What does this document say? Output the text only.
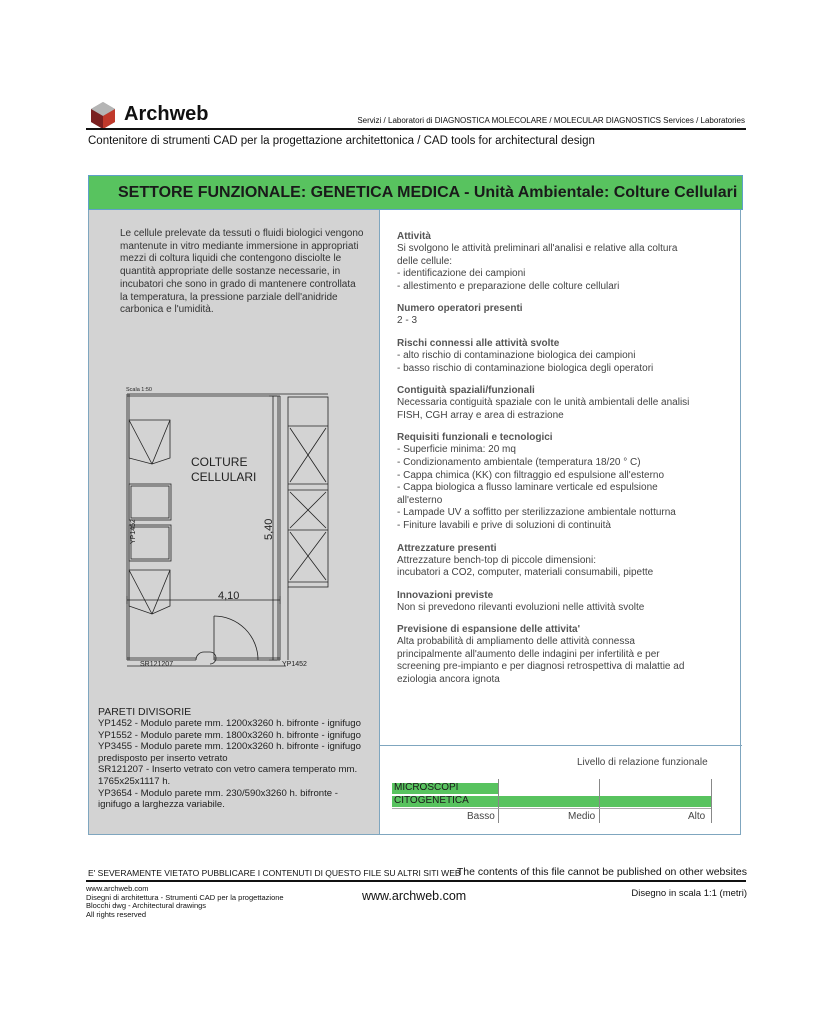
Archweb	Servizi / Laboratori di DIAGNOSTICA MOLECOLARE / MOLECULAR DIAGNOSTICS Services / Laboratories
Contenitore di strumenti CAD per la progettazione architettonica / CAD tools for architectural design
SETTORE FUNZIONALE: GENETICA MEDICA - Unità Ambientale: Colture Cellulari
Le cellule prelevate da tessuti o fluidi biologici vengono mantenute in vitro mediante immersione in appropriati mezzi di coltura liquidi che contengono disciolte le quantità appropriate delle sostanze necessarie, in incubatori che sono in grado di mantenere controllata la temperatura, la pressione parziale dell'anidride carbonica e l'umidità.
Scala 1:50
COLTURE
CELLULARI
4,10
5,40
YP1452
SR121207	YP1452
PARETI DIVISORIE
YP1452 - Modulo parete mm. 1200x3260 h. bifronte - ignifugo
YP1552 - Modulo parete mm. 1800x3260 h. bifronte - ignifugo
YP3455 - Modulo parete mm. 1200x3260 h. bifronte - ignifugo
predisposto per inserto vetrato
SR121207 - Inserto vetrato con vetro camera temperato mm.
1765x25x1117 h.
YP3654 - Modulo parete mm. 230/590x3260 h. bifronte -
ignifugo a larghezza variabile.
Attività

Si svolgono le attività preliminari all'analisi e relative alla coltura

delle cellule:

- identificazione dei campioni

- allestimento e preparazione delle colture cellulari

Numero operatori presenti

2 - 3

Rischi connessi alle attività svolte

- alto rischio di contaminazione biologica dei campioni

- basso rischio di contaminazione biologica degli operatori

Contiguità spaziali/funzionali

Necessaria contiguità spaziale con le unità ambientali delle analisi

FISH, CGH array e area di estrazione

Requisiti funzionali e tecnologici

- Superficie minima: 20 mq

- Condizionamento ambientale (temperatura 18/20 ° C)

- Cappa chimica (KK) con filtraggio ed espulsione all'esterno

- Cappa biologica a flusso laminare verticale ed espulsione

all'esterno

- Lampade UV a soffitto per sterilizzazione ambientale notturna

- Finiture lavabili e prive di soluzioni di continuità

Attrezzature presenti

Attrezzature bench-top di piccole dimensioni:

incubatori a CO2, computer, materiali consumabili, pipette

Innovazioni previste

Non si prevedono rilevanti evoluzioni nelle attività svolte

Previsione di espansione delle attivita'

Alta probabilità di ampliamento delle attività connessa

principalmente all'aumento delle indagini per infertilità e per

screening pre-impianto e per diagnosi retrospettiva di malattie ad

eziologia ancora ignota

Livello di relazione funzionale
MICROSCOPI
CITOGENETICA
Basso	Medio	Alto
E' SEVERAMENTE VIETATO PUBBLICARE I CONTENUTI DI QUESTO FILE SU ALTRI SITI WEB
The contents of this file cannot be published on other websites
www.archweb.com
Disegni di architettura - Strumenti CAD per la progettazione
Blocchi dwg - Architectural drawings
All rights reserved
www.archweb.com	Disegno in scala 1:1 (metri)
